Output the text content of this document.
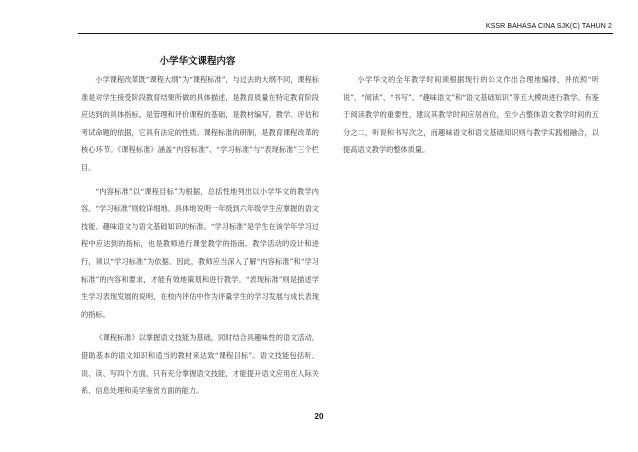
KSSR BAHASA CINA SJK(C) TAHUN 2
小学华文课程内容

小学课程改革既“课程大纲”为“课程标准”，与过去的大纲不同，课程标准是对学生接受阶段教育结果所做的具体描述，是教育质量在特定教育阶段应达到的具体指标，是管理和评价课程的基础，是教材编写、教学、评估和考试命题的依据，它具有法定的性质。课程标准的研制，是教育课程改革的核心环节。《课程标准》涵盖“内容标准”、“学习标准”与“表现标准”三个栏目。

“内容标准”以“课程目标”为根据，总括性地列出以小学华文的教学内容。“学习标准”则较详细地、具体地说明一年级到六年级学生应掌握的语文技能、趣味语文与语文基础知识的标准。“学习标准”是学生在该学年学习过程中应达到的指标，也是教师进行课堂教学的指南。教学活动的设计和进行，须以“学习标准”为依据。因此，教师应当深入了解“内容标准”和“学习标准”的内容和要求，才能有效地策划和进行教学。“表现标准”则是描述学生学习表现发展的说明，在校内评估中作为评量学生的学习发展与成长表现的指标。

《课程标准》以掌握语文技能为基础，同时结合具趣味性的语文活动，借助基本的语文知识和适当的教材来达致“课程目标”。语文技能包括听、说、读、写四个方面，只有充分掌握语文技能，才能提升语文应用在人际关系、信息处理和美学鉴赏方面的能力。

小学华文的全年教学时间须根据现行的公文作出合理地编排，并依照“听说”、“阅读”、“书写”、“趣味语文”和“语文基础知识”等五大模块进行教学。有鉴于阅读教学的重要性，建议其教学时间应居首位，至少占整体语文教学时间的五分之二，听说和书写次之，而趣味语文和语文基础知识则与教学实践相融合，以提高语文教学的整体质量。

20
